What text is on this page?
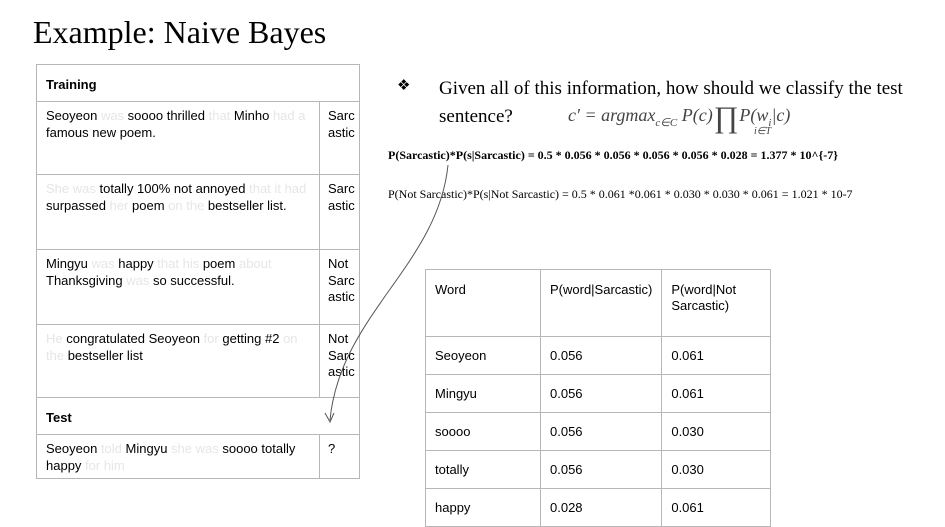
Example: Naive Bayes
Training	
Seoyeon was soooo thrilled that Minho had a famous new poem.	Sarc astic
She was totally 100% not annoyed that it had surpassed her poem on the bestseller list.	Sarc astic
Mingyu was happy that his poem about Thanksgiving was so successful.	Not Sarc astic
He congratulated Seoyeon for getting #2 on the bestseller list	Not Sarc astic
Test	
Seoyeon told Mingyu she was soooo totally happy for him	?
❖ Given all of this information, how should we classify the test sentence?	c′ = argmax$_{c\in C}$ $P(c)\prod P(w_i|c)$
i∈T
P(Sarcastic)*P(s|Sarcastic) = 0.5 * 0.056 * 0.056 * 0.056 * 0.056 * 0.028 = 1.377 * 10^{-7}
P(Not Sarcastic)*P(s|Not Sarcastic) = 0.5 * 0.061 *0.061 * 0.030 * 0.030 * 0.061 = 1.021 * 10-7
Word	P(word|Sarcastic)	P(word|Not Sarcastic)
Seoyeon	0.056	0.061
Mingyu	0.056	0.061
soooo	0.056	0.030
totally	0.056	0.030
happy	0.028	0.061
